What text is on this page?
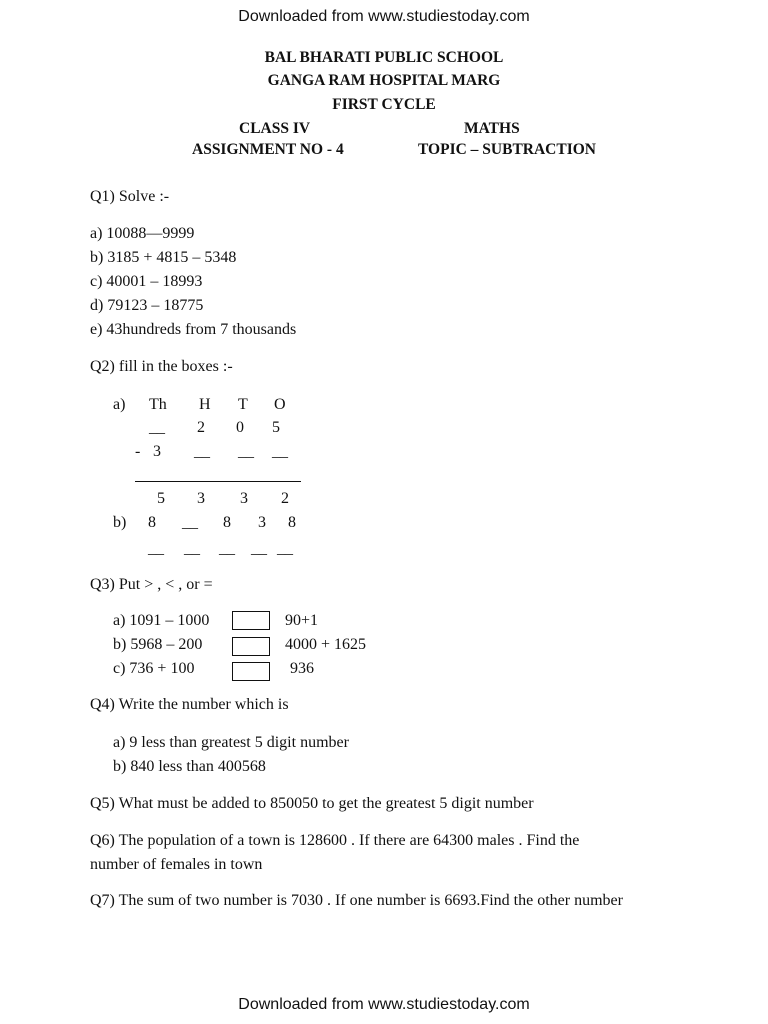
Downloaded from www.studiestoday.com
BAL BHARATI PUBLIC SCHOOL
GANGA RAM HOSPITAL MARG
FIRST CYCLE
CLASS IV	MATHS
ASSIGNMENT NO - 4	TOPIC – SUBTRACTION
Q1) Solve :-
a) 10088—9999
b) 3185 + 4815 – 5348
c) 40001 – 18993
d) 79123 – 18775
e) 43hundreds from 7 thousands
Q2) fill in the boxes :-
a) Th H T O
__ 2 0 5
- 3 __ __ __
5 3 3 2
b) 8 __ 8 3 8
__ __ __ __ __
Q3) Put > , < , or =
a) 1091 – 1000	90+1
b) 5968 – 200	4000 + 1625
c) 736 + 100	936
Q4) Write the number which is
a) 9 less than greatest 5 digit number
b) 840 less than 400568
Q5) What must be added to 850050 to get the greatest 5 digit number
Q6) The population of a town is 128600 . If there are 64300 males . Find the
number of females in town
Q7) The sum of two number is 7030 . If one number is 6693.Find the other number
Downloaded from www.studiestoday.com
